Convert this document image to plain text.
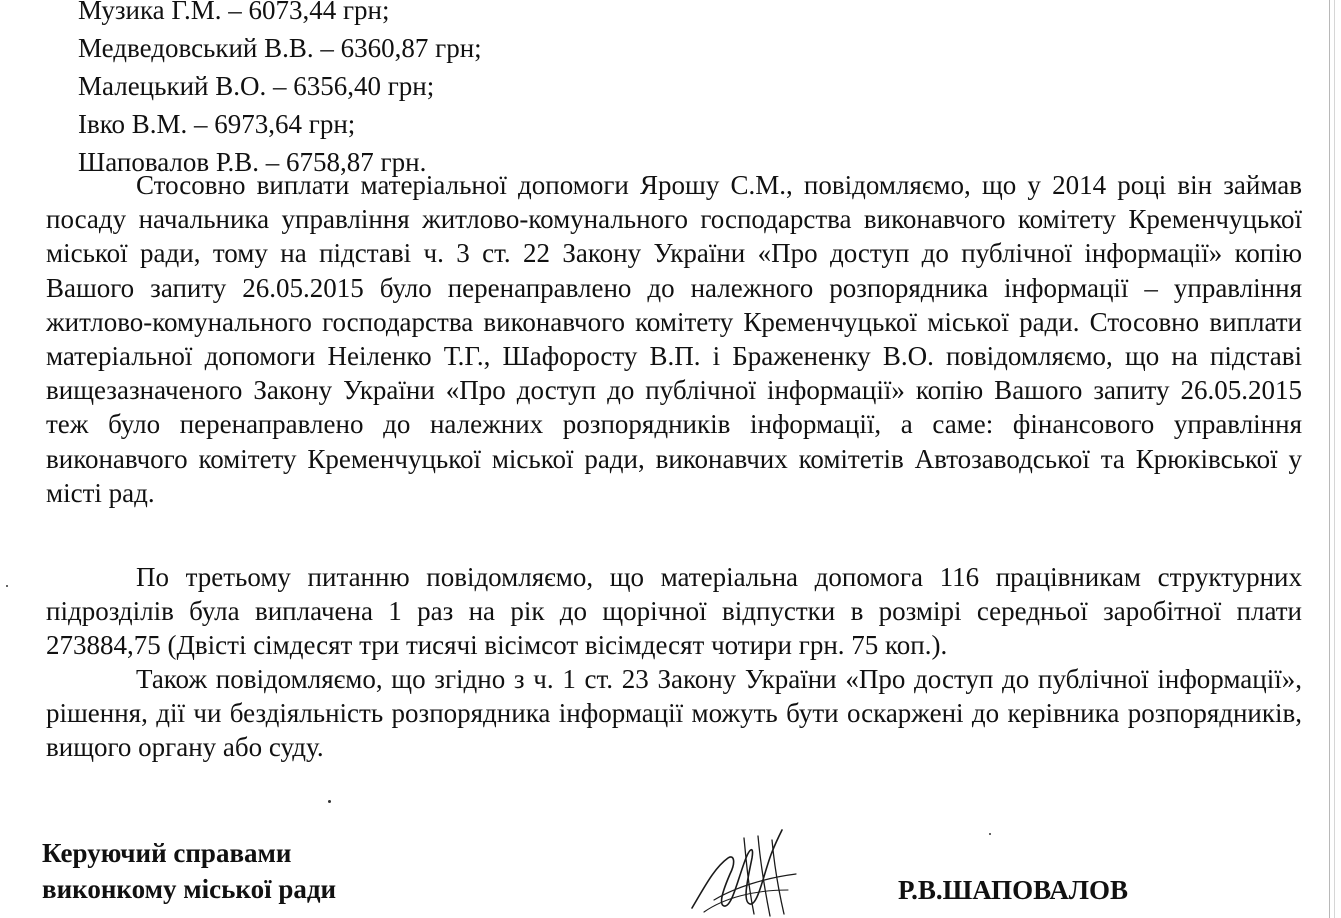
Музика Г.М. – 6073,44 грн;
Медведовський В.В. – 6360,87 грн;
Малецький В.О. – 6356,40 грн;
Івко В.М. – 6973,64 грн;
Шаповалов Р.В. – 6758,87 грн.

Стосовно виплати матеріальної допомоги Ярошу С.М., повідомляємо, що у 2014 році він займав посаду начальника управління житлово-комунального господарства виконавчого комітету Кременчуцької міської ради, тому на підставі ч. 3 ст. 22 Закону України «Про доступ до публічної інформації» копію Вашого запиту 26.05.2015 було перенаправлено до належного розпорядника інформації – управління житлово-комунального господарства виконавчого комітету Кременчуцької міської ради. Стосовно виплати матеріальної допомоги Неіленко Т.Г., Шафоросту В.П. і Бражененку В.О. повідомляємо, що на підставі вищезазначеного Закону України «Про доступ до публічної інформації» копію Вашого запиту 26.05.2015 теж було перенаправлено до належних розпорядників інформації, а саме: фінансового управління виконавчого комітету Кременчуцької міської ради, виконавчих комітетів Автозаводської та Крюківської у місті рад.

По третьому питанню повідомляємо, що матеріальна допомога 116 працівникам структурних підрозділів була виплачена 1 раз на рік до щорічної відпустки в розмірі середньої заробітної плати 273884,75 (Двісті сімдесят три тисячі вісімсот вісімдесят чотири грн. 75 коп.).

Також повідомляємо, що згідно з ч. 1 ст. 23 Закону України «Про доступ до публічної інформації», рішення, дії чи бездіяльність розпорядника інформації можуть бути оскаржені до керівника розпорядників, вищого органу або суду.

Керуючий справами
виконкому міської ради	Р.В.ШАПОВАЛОВ
